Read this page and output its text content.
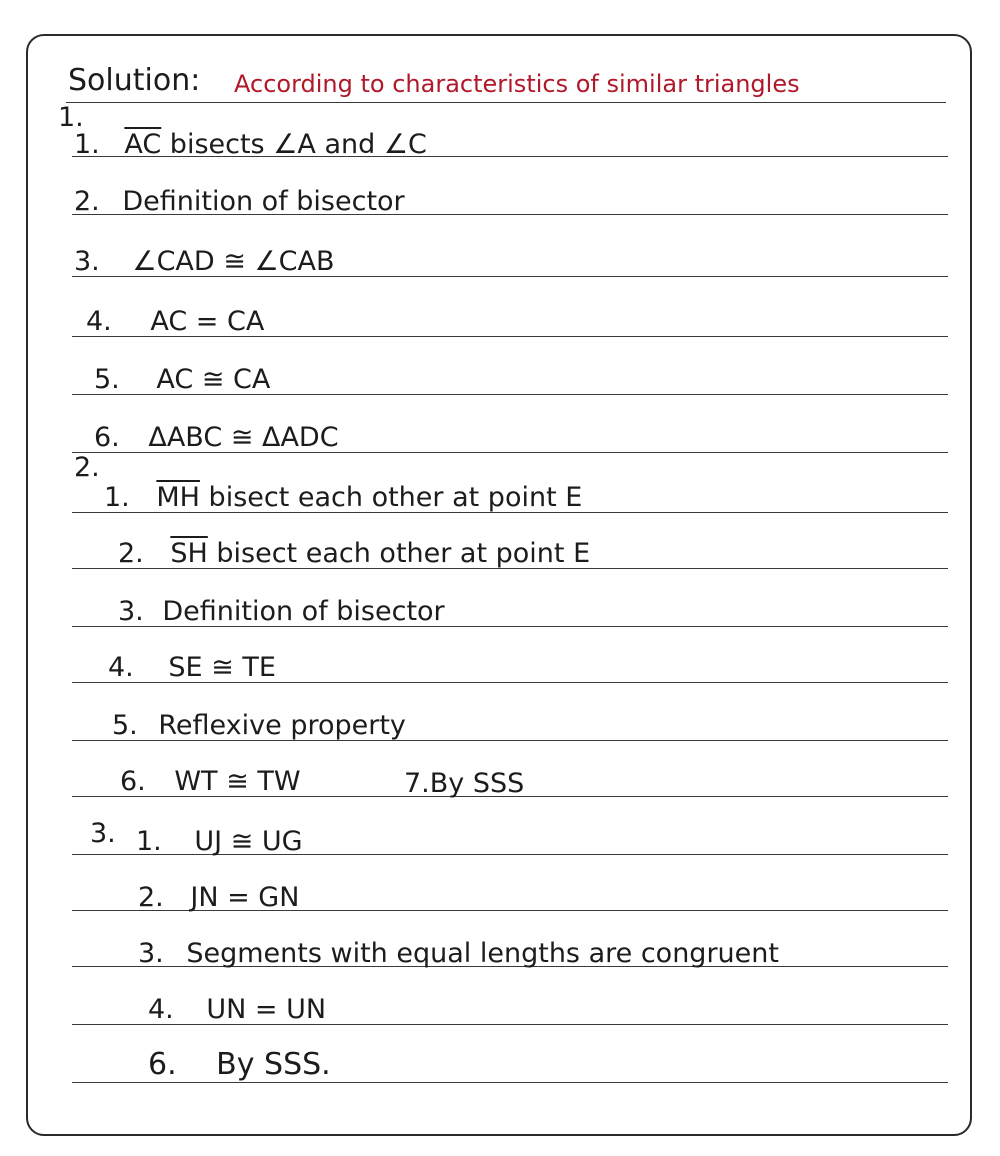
Solution: According to characteristics of similar triangles
1.
1. $\overline{AC}$ bisects ∠A and ∠C
2. Definition of bisector
3. ∠CAD ≅ ∠CAB
4. AC = CA
5. AC ≅ CA
6. ΔABC ≅ ΔADC
2.
1. $\overline{MH}$ bisect each other at point E
2. $\overline{SH}$ bisect each other at point E
3. Definition of bisector
4. SE ≅ TE
5. Reflexive property
6. WT ≅ TW	7.By SSS
3. 1. UJ ≅ UG
2. JN = GN
3. Segments with equal lengths are congruent
4. UN = UN
6. By SSS.
